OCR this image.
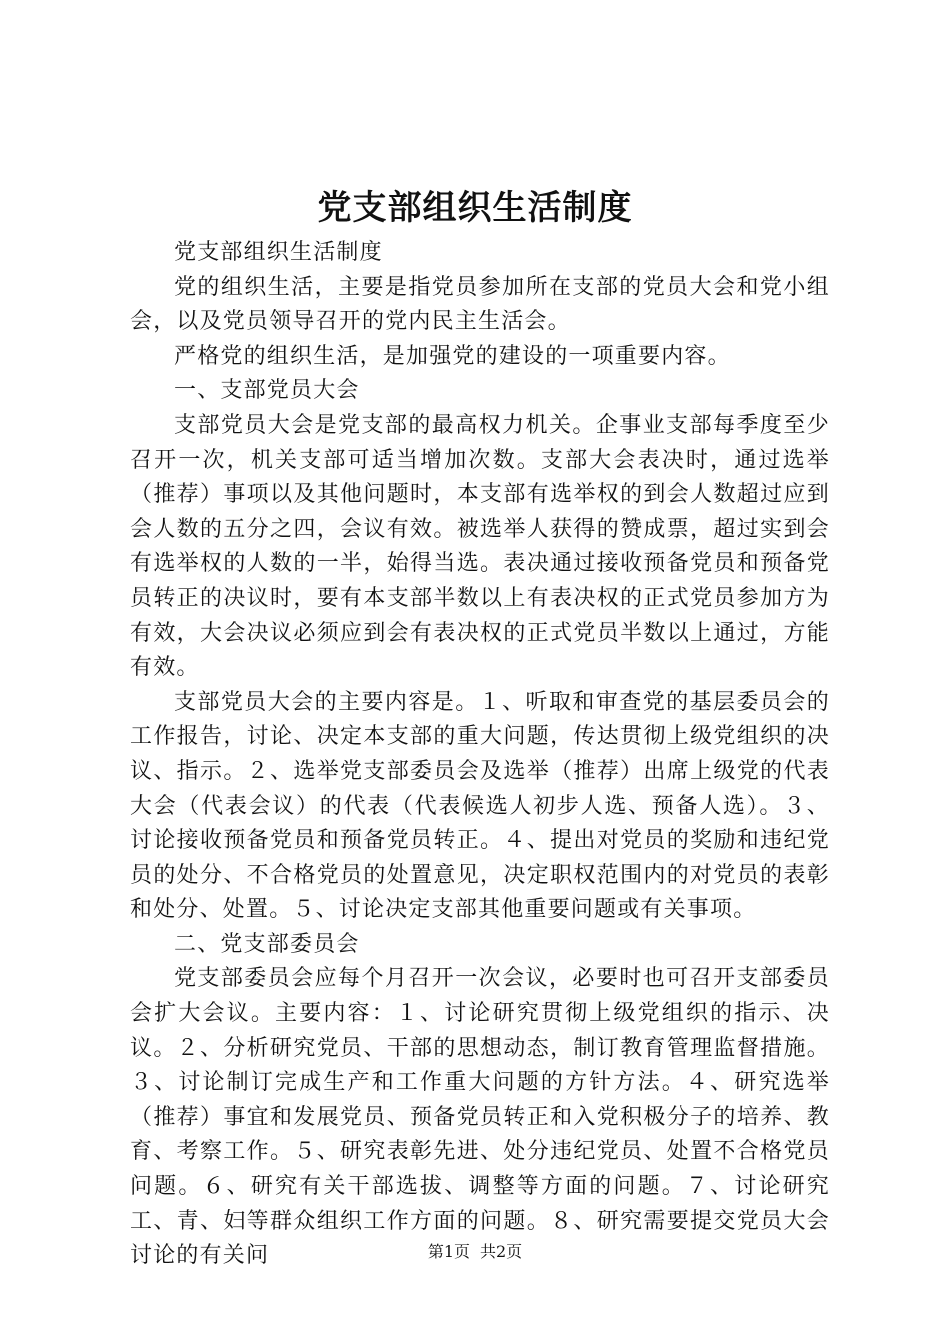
党支部组织生活制度

党支部组织生活制度

党的组织生活，主要是指党员参加所在支部的党员大会和党小组会，以及党员领导召开的党内民主生活会。

严格党的组织生活，是加强党的建设的一项重要内容。

一、支部党员大会

支部党员大会是党支部的最高权力机关。企事业支部每季度至少召开一次，机关支部可适当增加次数。支部大会表决时，通过选举（推荐）事项以及其他问题时，本支部有选举权的到会人数超过应到会人数的五分之四，会议有效。被选举人获得的赞成票，超过实到会有选举权的人数的一半，始得当选。表决通过接收预备党员和预备党员转正的决议时，要有本支部半数以上有表决权的正式党员参加方为有效，大会决议必须应到会有表决权的正式党员半数以上通过，方能有效。

支部党员大会的主要内容是。１、听取和审查党的基层委员会的工作报告，讨论、决定本支部的重大问题，传达贯彻上级党组织的决议、指示。２、选举党支部委员会及选举（推荐）出席上级党的代表大会（代表会议）的代表（代表候选人初步人选、预备人选）。３、讨论接收预备党员和预备党员转正。４、提出对党员的奖励和违纪党员的处分、不合格党员的处置意见，决定职权范围内的对党员的表彰和处分、处置。５、讨论决定支部其他重要问题或有关事项。

二、党支部委员会

党支部委员会应每个月召开一次会议，必要时也可召开支部委员会扩大会议。主要内容：１、讨论研究贯彻上级党组织的指示、决议。２、分析研究党员、干部的思想动态，制订教育管理监督措施。３、讨论制订完成生产和工作重大问题的方针方法。４、研究选举（推荐）事宜和发展党员、预备党员转正和入党积极分子的培养、教育、考察工作。５、研究表彰先进、处分违纪党员、处置不合格党员问题。６、研究有关干部选拔、调整等方面的问题。７、讨论研究工、青、妇等群众组织工作方面的问题。８、研究需要提交党员大会讨论的有关问	第1页 共2页
